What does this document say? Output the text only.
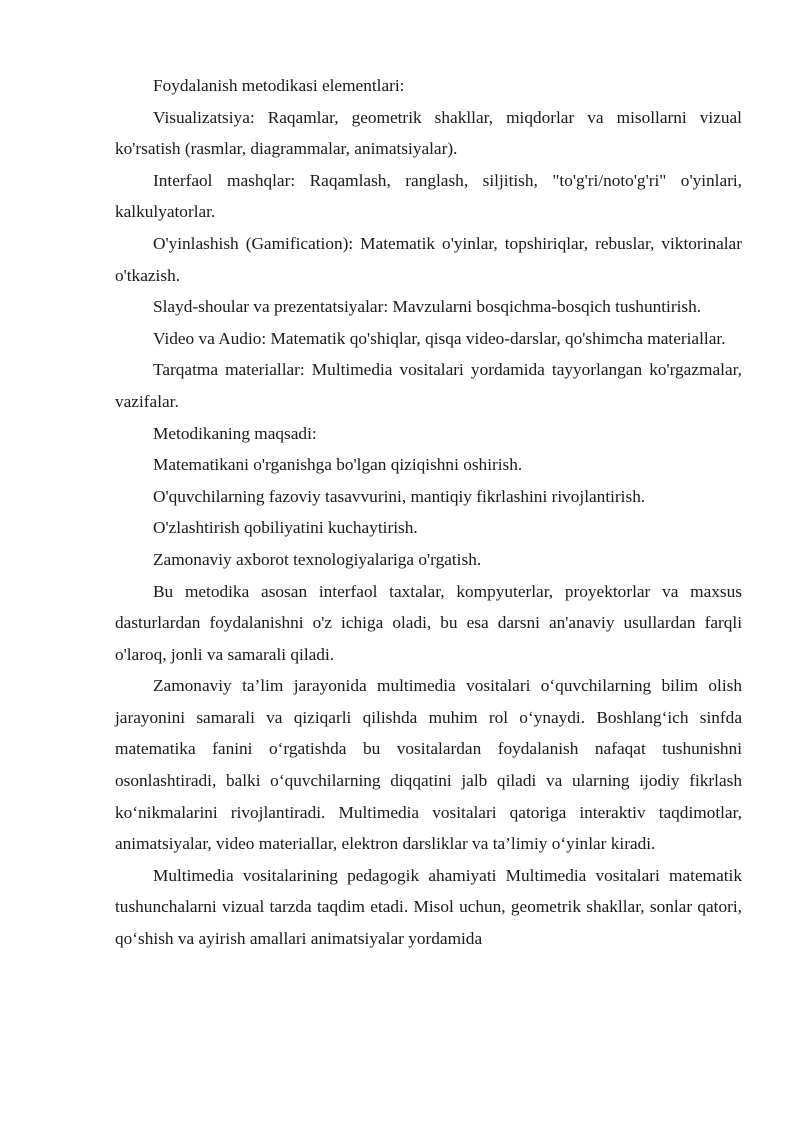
Foydalanish metodikasi elementlari:

Visualizatsiya: Raqamlar, geometrik shakllar, miqdorlar va misollarni vizual ko'rsatish (rasmlar, diagrammalar, animatsiyalar).

Interfaol mashqlar: Raqamlash, ranglash, siljitish, "to'g'ri/noto'g'ri" o'yinlari, kalkulyatorlar.

O'yinlashish (Gamification): Matematik o'yinlar, topshiriqlar, rebuslar, viktorinalar o'tkazish.

Slayd-shoular va prezentatsiyalar: Mavzularni bosqichma-bosqich tushuntirish.

Video va Audio: Matematik qo'shiqlar, qisqa video-darslar, qo'shimcha materiallar.

Tarqatma materiallar: Multimedia vositalari yordamida tayyorlangan ko'rgazmalar, vazifalar.

Metodikaning maqsadi:

Matematikani o'rganishga bo'lgan qiziqishni oshirish.

O'quvchilarning fazoviy tasavvurini, mantiqiy fikrlashini rivojlantirish.

O'zlashtirish qobiliyatini kuchaytirish.

Zamonaviy axborot texnologiyalariga o'rgatish.

Bu metodika asosan interfaol taxtalar, kompyuterlar, proyektorlar va maxsus dasturlardan foydalanishni o'z ichiga oladi, bu esa darsni an'anaviy usullardan farqli o'laroq, jonli va samarali qiladi.

Zamonaviy ta’lim jarayonida multimedia vositalari o‘quvchilarning bilim olish jarayonini samarali va qiziqarli qilishda muhim rol o‘ynaydi. Boshlang‘ich sinfda matematika fanini o‘rgatishda bu vositalardan foydalanish nafaqat tushunishni osonlashtiradi, balki o‘quvchilarning diqqatini jalb qiladi va ularning ijodiy fikrlash ko‘nikmalarini rivojlantiradi. Multimedia vositalari qatoriga interaktiv taqdimotlar, animatsiyalar, video materiallar, elektron darsliklar va ta’limiy o‘yinlar kiradi.

Multimedia vositalarining pedagogik ahamiyati Multimedia vositalari matematik tushunchalarni vizual tarzda taqdim etadi. Misol uchun, geometrik shakllar, sonlar qatori, qo‘shish va ayirish amallari animatsiyalar yordamida
